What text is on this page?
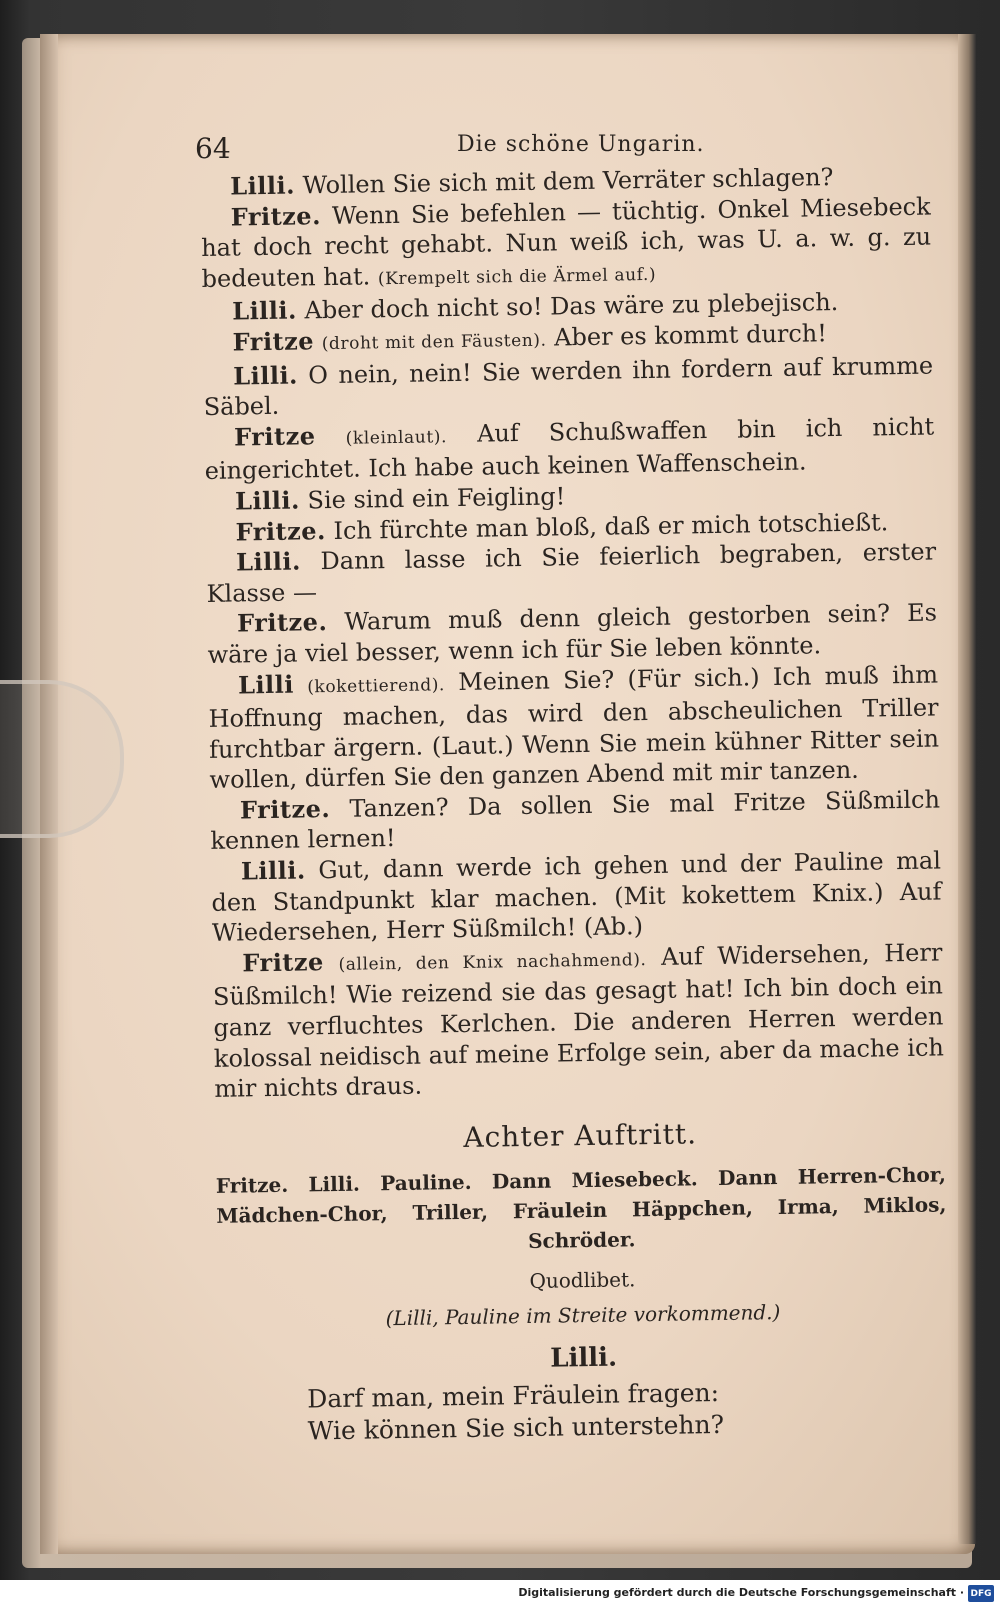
64	Die schöne Ungarin.

Lilli. Wollen Sie sich mit dem Verräter schlagen?

Fritze. Wenn Sie befehlen — tüchtig. Onkel Miesebeck hat doch recht gehabt. Nun weiß ich, was U. a. w. g. zu bedeuten hat. (Krempelt sich die Ärmel auf.)

Lilli. Aber doch nicht so! Das wäre zu plebejisch.

Fritze (droht mit den Fäusten). Aber es kommt durch!

Lilli. O nein, nein! Sie werden ihn fordern auf krumme Säbel.

Fritze (kleinlaut). Auf Schußwaffen bin ich nicht eingerichtet. Ich habe auch keinen Waffenschein.

Lilli. Sie sind ein Feigling!

Fritze. Ich fürchte man bloß, daß er mich totschießt.

Lilli. Dann lasse ich Sie feierlich begraben, erster Klasse —

Fritze. Warum muß denn gleich gestorben sein? Es wäre ja viel besser, wenn ich für Sie leben könnte.

Lilli (kokettierend). Meinen Sie? (Für sich.) Ich muß ihm Hoffnung machen, das wird den abscheulichen Triller furchtbar ärgern. (Laut.) Wenn Sie mein kühner Ritter sein wollen, dürfen Sie den ganzen Abend mit mir tanzen.

Fritze. Tanzen? Da sollen Sie mal Fritze Süßmilch kennen lernen!

Lilli. Gut, dann werde ich gehen und der Pauline mal den Standpunkt klar machen. (Mit kokettem Knix.) Auf Wiedersehen, Herr Süßmilch! (Ab.)

Fritze (allein, den Knix nachahmend). Auf Widersehen, Herr Süßmilch! Wie reizend sie das gesagt hat! Ich bin doch ein ganz verfluchtes Kerlchen. Die anderen Herren werden kolossal neidisch auf meine Erfolge sein, aber da mache ich mir nichts draus.

Achter Auftritt.

Fritze. Lilli. Pauline. Dann Miesebeck. Dann Herren-Chor, Mädchen-Chor, Triller, Fräulein Häppchen, Irma, Miklos, Schröder.

Quodlibet.
(Lilli, Pauline im Streite vorkommend.)
Lilli.
Darf man, mein Fräulein fragen:
Wie können Sie sich unterstehn?
Digitalisierung gefördert durch die Deutsche Forschungsgemeinschaft · DFG
